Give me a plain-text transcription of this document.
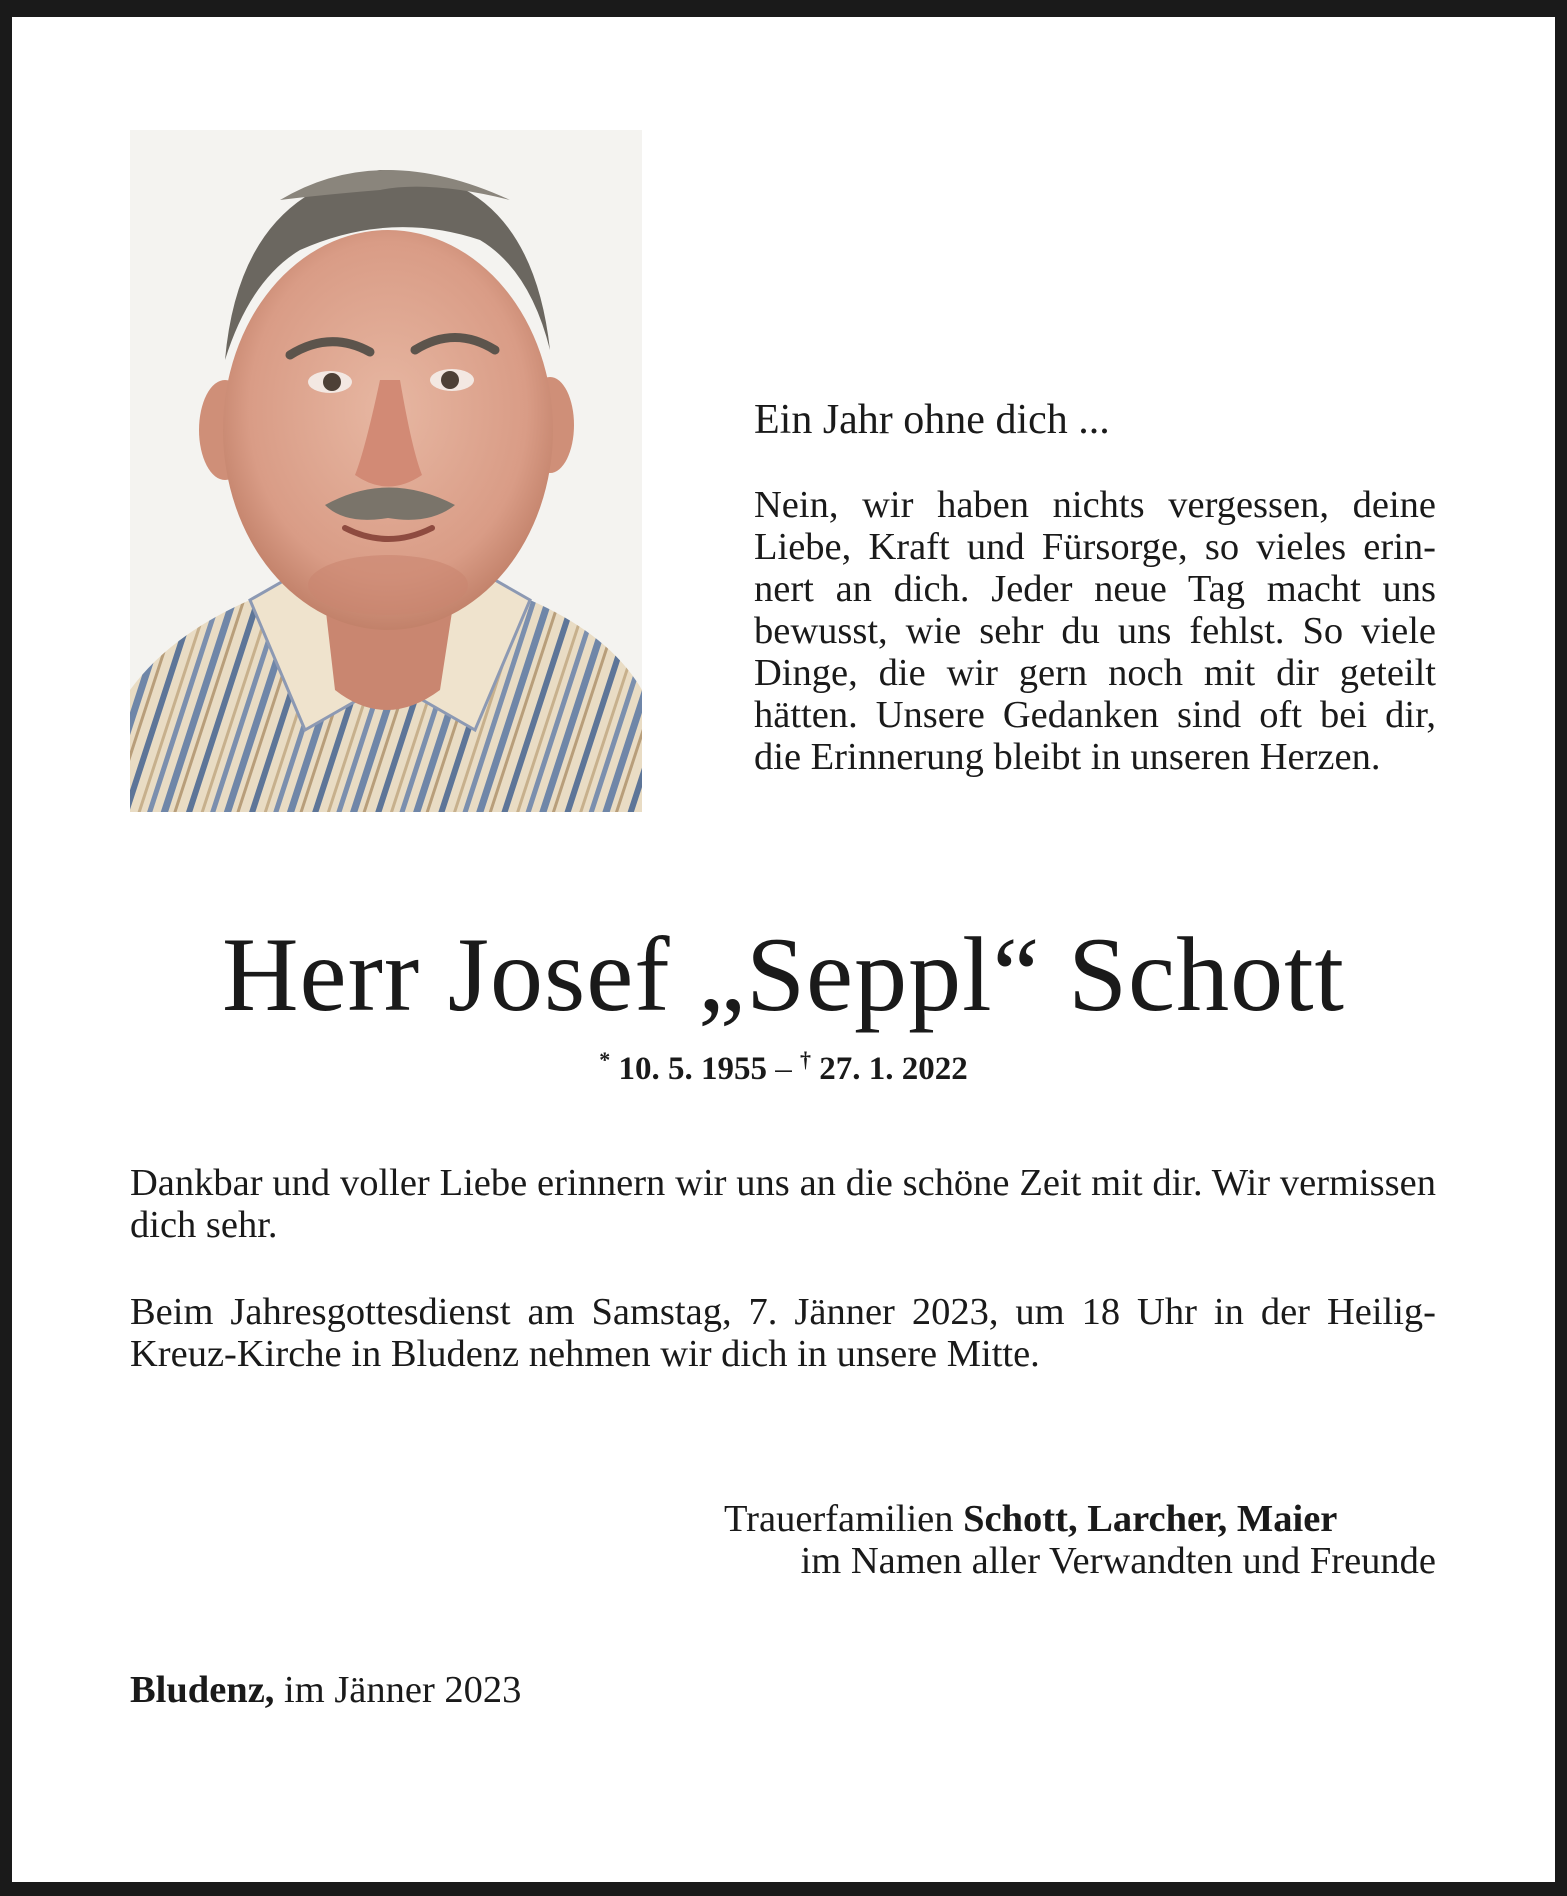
Ein Jahr ohne dich ...

Nein, wir haben nichts vergessen, deine Liebe, Kraft und Fürsorge, so vieles erinnert an dich. Jeder neue Tag macht uns bewusst, wie sehr du uns fehlst. So viele Dinge, die wir gern noch mit dir geteilt hätten. Unsere Gedanken sind oft bei dir, die Erinnerung bleibt in unseren Herzen.

Herr Josef „Seppl“ Schott
* 10. 5. 1955 – † 27. 1. 2022

Dankbar und voller Liebe erinnern wir uns an die schöne Zeit mit dir. Wir vermissen dich sehr.

Beim Jahresgottesdienst am Samstag, 7. Jänner 2023, um 18 Uhr in der Heilig-Kreuz-Kirche in Bludenz nehmen wir dich in unsere Mitte.

Trauerfamilien Schott, Larcher, Maier
im Namen aller Verwandten und Freunde
Bludenz, im Jänner 2023
